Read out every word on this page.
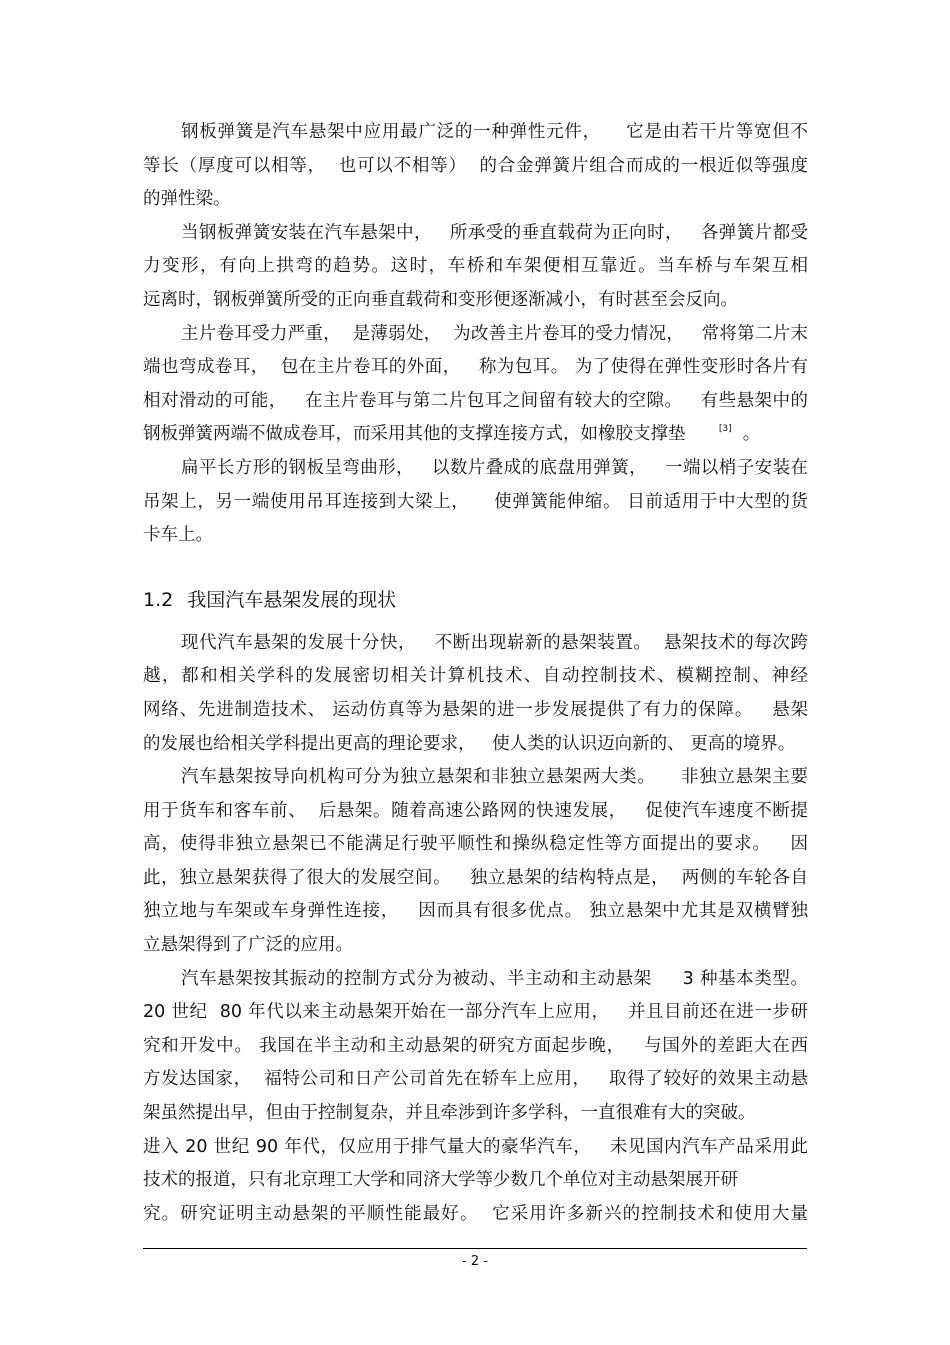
钢板弹簧是汽车悬架中应用最广泛的一种弹性元件，    它是由若干片等宽但不
等长（厚度可以相等，  也可以不相等）  的合金弹簧片组合而成的一根近似等强度
的弹性梁。
当钢板弹簧安装在汽车悬架中，   所承受的垂直载荷为正向时，   各弹簧片都受
力变形，有向上拱弯的趋势。这时，车桥和车架便相互靠近。当车桥与车架互相
远离时，钢板弹簧所受的正向垂直载荷和变形便逐渐减小，有时甚至会反向。
主片卷耳受力严重，  是薄弱处，  为改善主片卷耳的受力情况，   常将第二片末
端也弯成卷耳，  包在主片卷耳的外面，   称为包耳。 为了使得在弹性变形时各片有
相对滑动的可能，   在主片卷耳与第二片包耳之间留有较大的空隙。   有些悬架中的
钢板弹簧两端不做成卷耳，而采用其他的支撑连接方式，如橡胶支撑垫	[3] 。
扁平长方形的钢板呈弯曲形，   以数片叠成的底盘用弹簧，   一端以梢子安装在
吊架上，另一端使用吊耳连接到大梁上，    使弹簧能伸缩。 目前适用于中大型的货
卡车上。
1.2 我国汽车悬架发展的现状
现代汽车悬架的发展十分快，   不断出现崭新的悬架装置。  悬架技术的每次跨
越，都和相关学科的发展密切相关计算机技术、自动控制技术、模糊控制、神经
网络、先进制造技术、 运动仿真等为悬架的进一步发展提供了有力的保障。   悬架
的发展也给相关学科提出更高的理论要求，   使人类的认识迈向新的、 更高的境界。
汽车悬架按导向机构可分为独立悬架和非独立悬架两大类。    非独立悬架主要
用于货车和客车前、  后悬架。随着高速公路网的快速发展，   促使汽车速度不断提
高，使得非独立悬架已不能满足行驶平顺性和操纵稳定性等方面提出的要求。   因
此，独立悬架获得了很大的发展空间。   独立悬架的结构特点是，  两侧的车轮各自
独立地与车架或车身弹性连接，   因而具有很多优点。 独立悬架中尤其是双横臂独
立悬架得到了广泛的应用。
汽车悬架按其振动的控制方式分为被动、半主动和主动悬架     3 种基本类型。
20 世纪  80 年代以来主动悬架开始在一部分汽车上应用，   并且目前还在进一步研
究和开发中。 我国在半主动和主动悬架的研究方面起步晚，   与国外的差距大在西
方发达国家，  福特公司和日产公司首先在轿车上应用，   取得了较好的效果主动悬
架虽然提出早，但由于控制复杂，并且牵涉到许多学科，一直很难有大的突破。
进入 20 世纪 90 年代，仅应用于排气量大的豪华汽车，   未见国内汽车产品采用此
技术的报道，只有北京理工大学和同济大学等少数几个单位对主动悬架展开研
究。研究证明主动悬架的平顺性能最好。  它采用许多新兴的控制技术和使用大量
- 2 -
